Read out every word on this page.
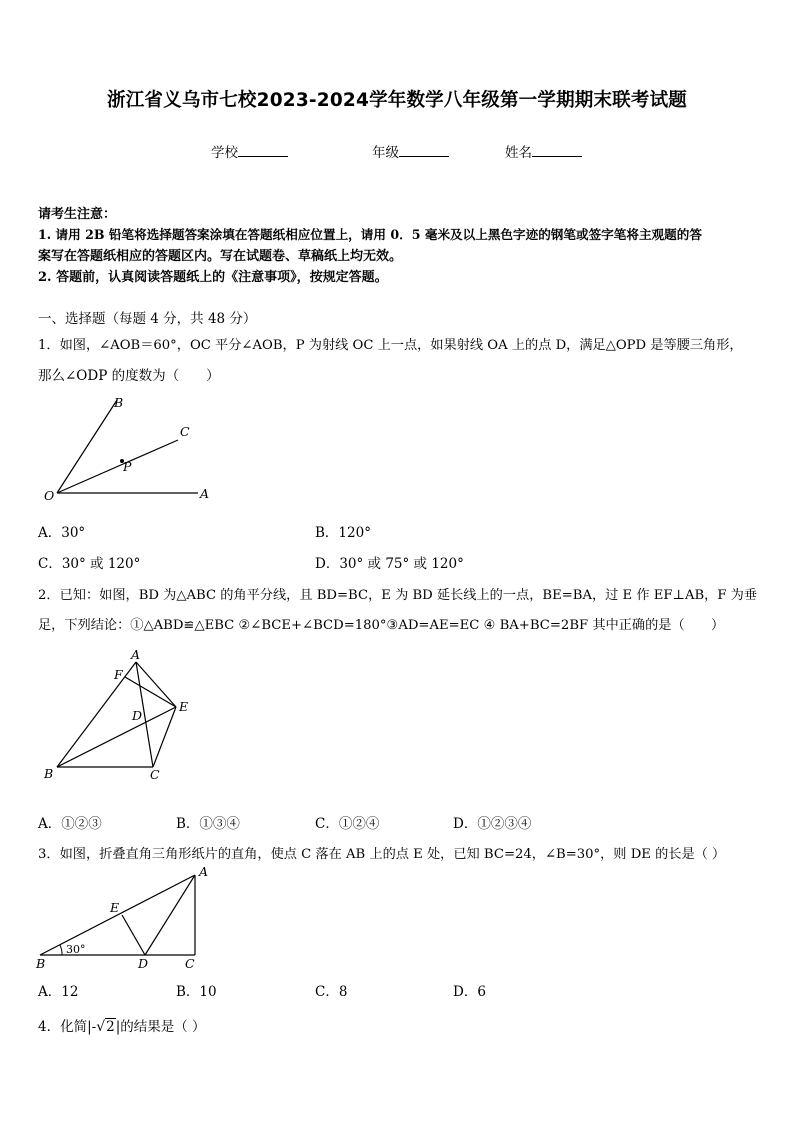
浙江省义乌市七校2023-2024学年数学八年级第一学期期末联考试题
学校	年级	姓名
请考生注意：
1. 请用 2B 铅笔将选择题答案涂填在答题纸相应位置上，请用 0．5 毫米及以上黑色字迹的钢笔或签字笔将主观题的答
案写在答题纸相应的答题区内。写在试题卷、草稿纸上均无效。
2. 答题前，认真阅读答题纸上的《注意事项》，按规定答题。
一、选择题（每题 4 分，共 48 分）
1．如图，∠AOB＝60°，OC 平分∠AOB，P 为射线 OC 上一点，如果射线 OA 上的点 D，满足△OPD 是等腰三角形，
那么∠ODP 的度数为（　　）
B
C
P
O	A
A．30°	B．120°
C．30° 或 120°	D．30° 或 75° 或 120°
2．已知：如图，BD 为△ABC 的角平分线，且 BD=BC，E 为 BD 延长线上的一点，BE=BA，过 E 作 EF⊥AB，F 为垂
足，下列结论：①△ABD≌△EBC ②∠BCE+∠BCD=180°③AD=AE=EC ④ BA+BC=2BF 其中正确的是（　　）
A
F
E
D
B	C
A．①②③	B．①③④	C．①②④	D．①②③④
3．如图，折叠直角三角形纸片的直角，使点 C 落在 AB 上的点 E 处，已知 BC=24，∠B=30°，则 DE 的长是（ ）
A
E
B	D	C
30°
A．12	B．10	C．8	D．6
4．化简|-√2|的结果是（ ）
